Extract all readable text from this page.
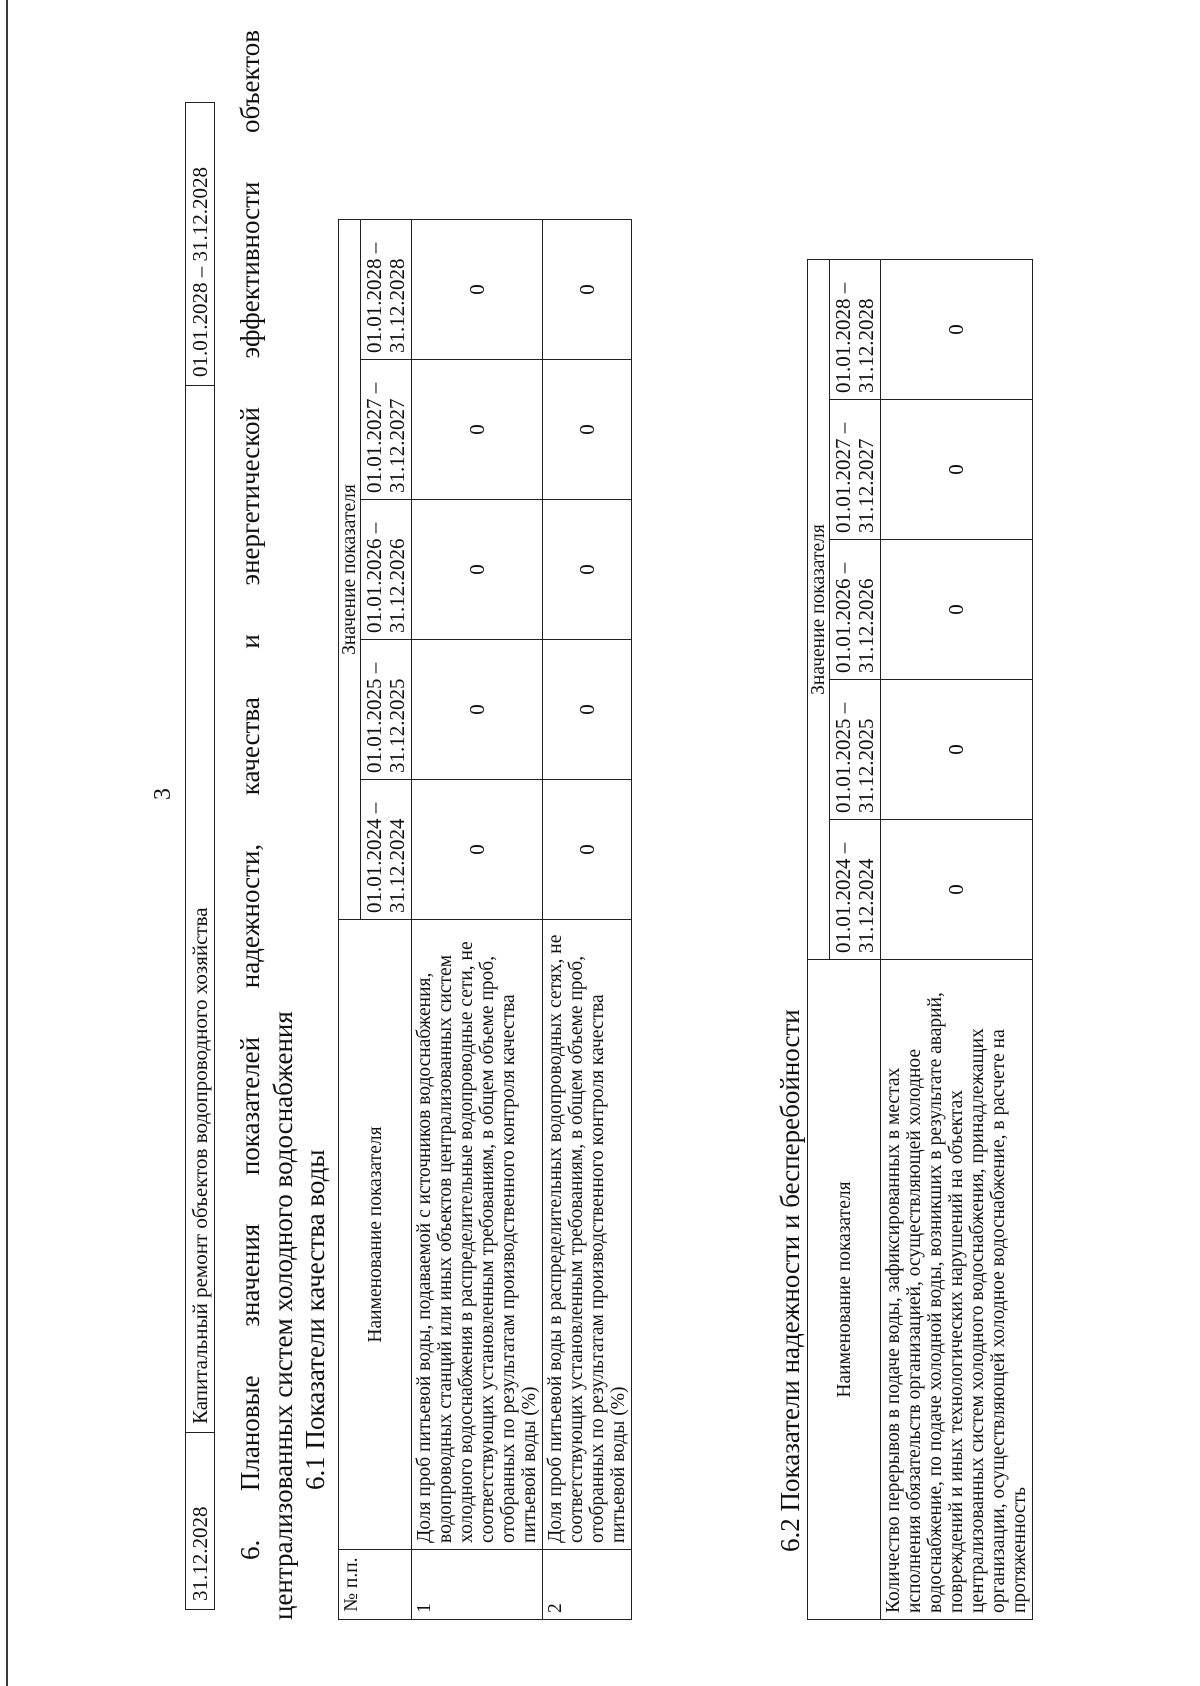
3
31.12.2028	Капитальный ремонт объектов водопроводного хозяйства	01.01.2028 – 31.12.2028 6. Плановые значения показателей надежности, качества и энергетической эффективности объектов централизованных систем холодного водоснабжения 6.1 Показатели качества воды
№ п.п.	Наименование показателя	Значение показателя				
		01.01.2024 – 31.12.2024	01.01.2025 – 31.12.2025	01.01.2026 – 31.12.2026	01.01.2027 – 31.12.2027	01.01.2028 – 31.12.2028
1	Доля проб питьевой воды, подаваемой с источников водоснабжения, водопроводных станций или иных объектов централизованных систем холодного водоснабжения в распределительные водопроводные сети, не соответствующих установленным требованиям, в общем объеме проб, отобранных по результатам производственного контроля качества питьевой воды (%)	0	0	0	0	0
2	Доля проб питьевой воды в распределительных водопроводных сетях, не соответствующих установленным требованиям, в общем объеме проб, отобранных по результатам производственного контроля качества питьевой воды (%)	0	0	0	0	0
6.2 Показатели надежности и бесперебойности Наименование показателя	Значение показателя				
	01.01.2024 – 31.12.2024	01.01.2025 – 31.12.2025	01.01.2026 – 31.12.2026	01.01.2027 – 31.12.2027	01.01.2028 – 31.12.2028
Количество перерывов в подаче воды, зафиксированных в местах исполнения обязательств организацией, осуществляющей холодное водоснабжение, по подаче холодной воды, возникших в результате аварий, повреждений и иных технологических нарушений на объектах централизованных систем холодного водоснабжения, принадлежащих организации, осуществляющей холодное водоснабжение, в расчете на протяженность	0	0	0	0	0
